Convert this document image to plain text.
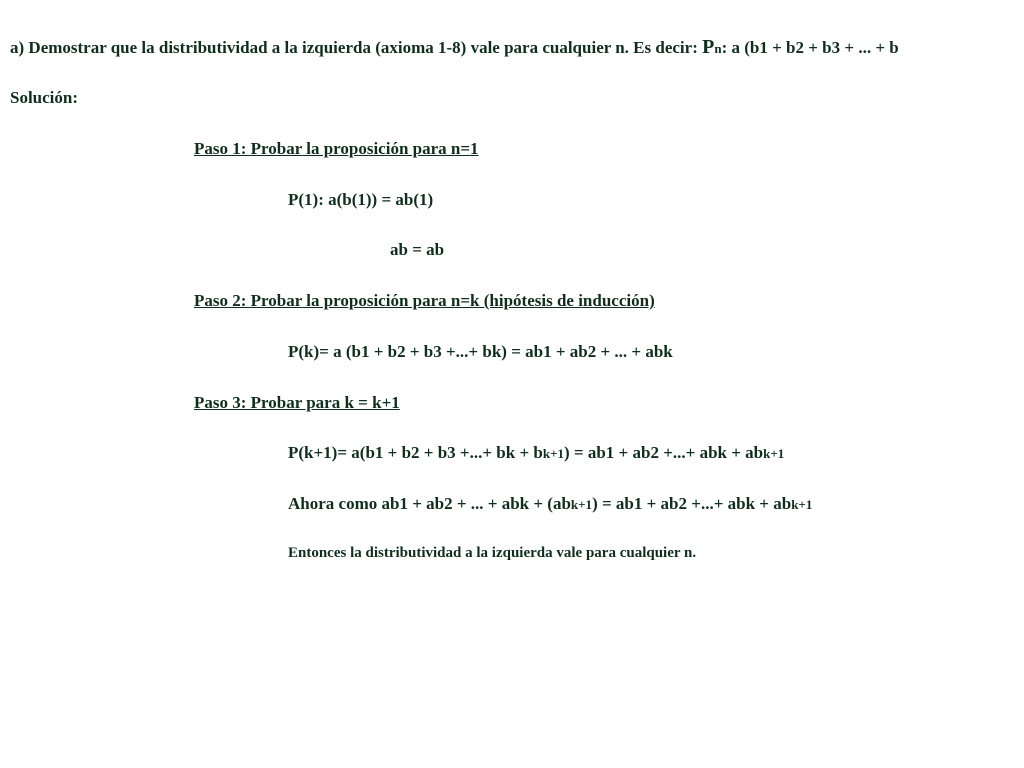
a) Demostrar que la distributividad a la izquierda (axioma 1-8) vale para cualquier n. Es decir: Pn: a (b1 + b2 + b3 + ... + b
Solución:
Paso 1: Probar la proposición para n=1
P(1): a(b(1)) = ab(1)
ab = ab
Paso 2: Probar la proposición para n=k (hipótesis de inducción)
P(k)= a (b1 + b2 + b3 +...+ bk) = ab1 + ab2 + ... + abk
Paso 3: Probar para k = k+1
P(k+1)= a(b1 + b2 + b3 +...+ bk + bk+1) = ab1 + ab2 +...+ abk + abk+1
Ahora como ab1 + ab2 + ... + abk + (abk+1) = ab1 + ab2 +...+ abk + abk+1
Entonces la distributividad a la izquierda vale para cualquier n.
